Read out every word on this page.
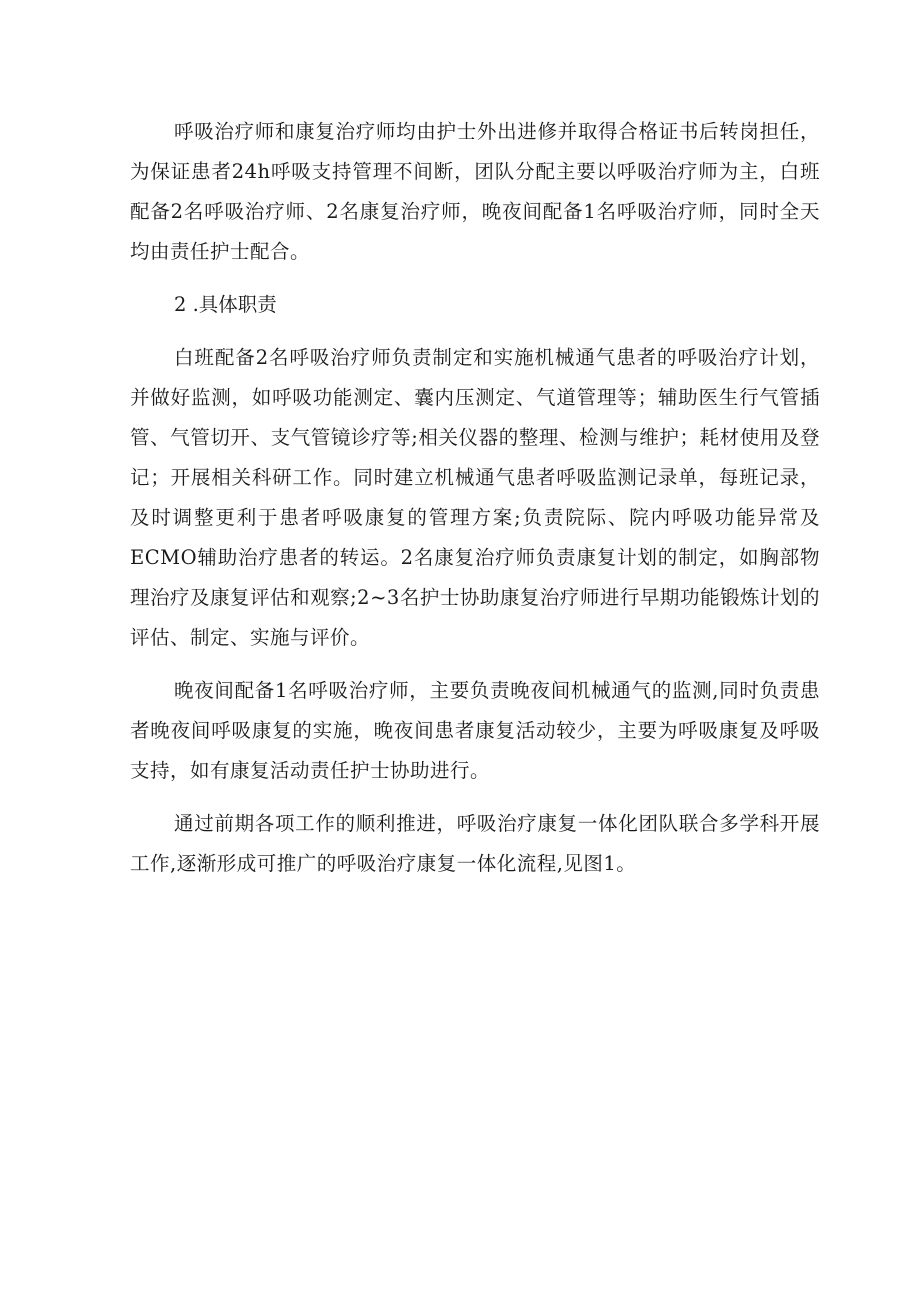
呼吸治疗师和康复治疗师均由护士外出进修并取得合格证书后转岗担任，为保证患者24h呼吸支持管理不间断，团队分配主要以呼吸治疗师为主，白班配备2名呼吸治疗师、2名康复治疗师，晚夜间配备1名呼吸治疗师，同时全天均由责任护士配合。

2 .具体职责

白班配备2名呼吸治疗师负责制定和实施机械通气患者的呼吸治疗计划，并做好监测，如呼吸功能测定、囊内压测定、气道管理等；辅助医生行气管插管、气管切开、支气管镜诊疗等;相关仪器的整理、检测与维护；耗材使用及登记；开展相关科研工作。同时建立机械通气患者呼吸监测记录单，每班记录，及时调整更利于患者呼吸康复的管理方案;负责院际、院内呼吸功能异常及ECMO辅助治疗患者的转运。2名康复治疗师负责康复计划的制定，如胸部物理治疗及康复评估和观察;2~3名护士协助康复治疗师进行早期功能锻炼计划的评估、制定、实施与评价。

晚夜间配备1名呼吸治疗师，主要负责晚夜间机械通气的监测,同时负责患者晚夜间呼吸康复的实施，晚夜间患者康复活动较少，主要为呼吸康复及呼吸支持，如有康复活动责任护士协助进行。

通过前期各项工作的顺利推进，呼吸治疗康复一体化团队联合多学科开展工作,逐渐形成可推广的呼吸治疗康复一体化流程,见图1。
